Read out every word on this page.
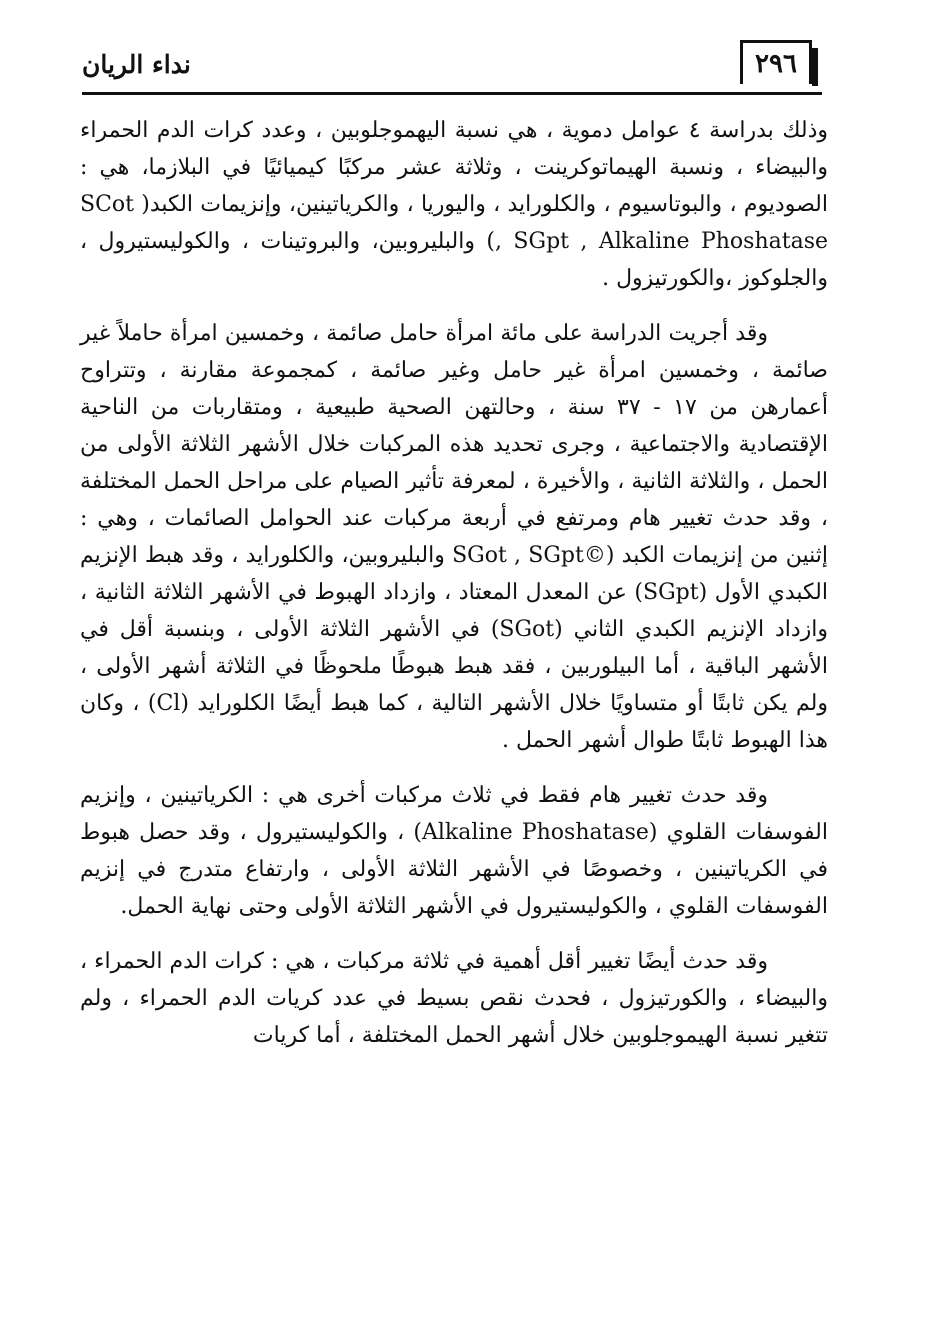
٢٩٦
نداء الريان

وذلك بدراسة ٤ عوامل دموية ، هي نسبة اليهموجلوبين ، وعدد كرات الدم الحمراء والبيضاء ، ونسبة الهيماتوكرينت ، وثلاثة عشر مركبًا كيميائيًا في البلازما، هي : الصوديوم ، والبوتاسيوم ، والكلورايد ، واليوريا ، والكرياتينين، وإنزيمات الكبد( SCot , SGpt , Alkaline Phoshatase) والبليروبين، والبروتينات ، والكوليستيرول ، والجلوكوز ،والكورتيزول .

وقد أجريت الدراسة على مائة امرأة حامل صائمة ، وخمسين امرأة حاملاً غير صائمة ، وخمسين امرأة غير حامل وغير صائمة ، كمجموعة مقارنة ، وتتراوح أعمارهن من ١٧ - ٣٧ سنة ، وحالتهن الصحية طبيعية ، ومتقاربات من الناحية الإقتصادية والاجتماعية ، وجرى تحديد هذه المركبات خلال الأشهر الثلاثة الأولى من الحمل ، والثلاثة الثانية ، والأخيرة ، لمعرفة تأثير الصيام على مراحل الحمل المختلفة ، وقد حدث تغيير هام ومرتفع في أربعة مركبات عند الحوامل الصائمات ، وهي : إثنين من إنزيمات الكبد (©SGot , SGpt والبليروبين، والكلورايد ، وقد هبط الإنزيم الكبدي الأول (SGpt) عن المعدل المعتاد ، وازداد الهبوط في الأشهر الثلاثة الثانية ، وازداد الإنزيم الكبدي الثاني (SGot) في الأشهر الثلاثة الأولى ، وبنسبة أقل في الأشهر الباقية ، أما البيلوربين ، فقد هبط هبوطًا ملحوظًا في الثلاثة أشهر الأولى ، ولم يكن ثابتًا أو متساويًا خلال الأشهر التالية ، كما هبط أيضًا الكلورايد (Cl) ، وكان هذا الهبوط ثابتًا طوال أشهر الحمل .

وقد حدث تغيير هام فقط في ثلاث مركبات أخرى هي : الكرياتينين ، وإنزيم الفوسفات القلوي (Alkaline Phoshatase) ، والكوليستيرول ، وقد حصل هبوط في الكرياتينين ، وخصوصًا في الأشهر الثلاثة الأولى ، وارتفاع متدرج في إنزيم الفوسفات القلوي ، والكوليستيرول في الأشهر الثلاثة الأولى وحتى نهاية الحمل.

وقد حدث أيضًا تغيير أقل أهمية في ثلاثة مركبات ، هي : كرات الدم الحمراء ، والبيضاء ، والكورتيزول ، فحدث نقص بسيط في عدد كريات الدم الحمراء ، ولم تتغير نسبة الهيموجلوبين خلال أشهر الحمل المختلفة ، أما كريات
